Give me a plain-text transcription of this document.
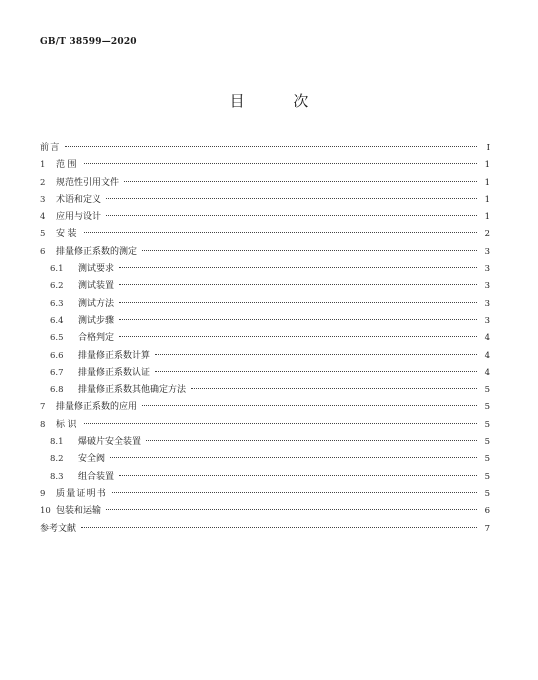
GB/T 38599—2020
目 次
前言	Ⅰ
1	范围	1
2	规范性引用文件	1
3	术语和定义	1
4	应用与设计	1
5	安装	2
6	排量修正系数的测定	3
6.1	测试要求	3
6.2	测试装置	3
6.3	测试方法	3
6.4	测试步骤	3
6.5	合格判定	4
6.6	排量修正系数计算	4
6.7	排量修正系数认证	4
6.8	排量修正系数其他确定方法	5
7	排量修正系数的应用	5
8	标识	5
8.1	爆破片安全装置	5
8.2	安全阀	5
8.3	组合装置	5
9	质量证明书	5
10 包装和运输	6
参考文献	7
